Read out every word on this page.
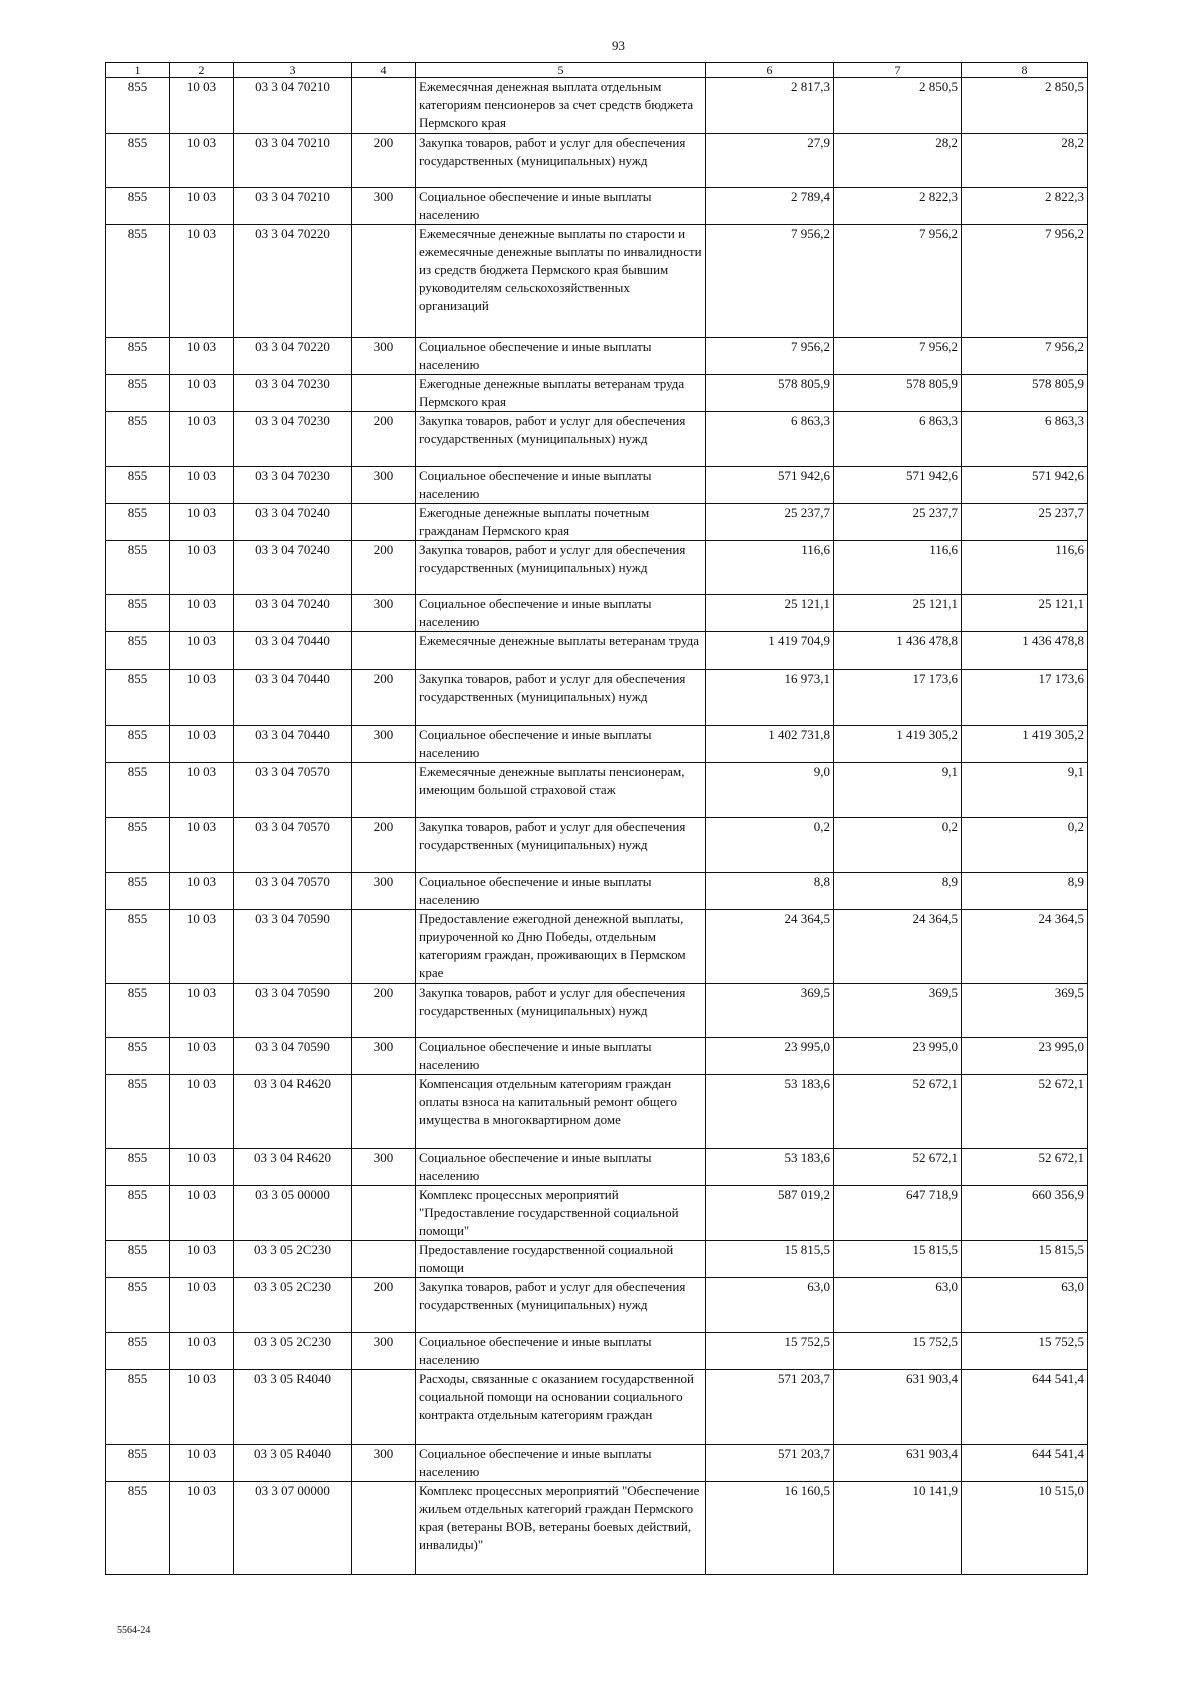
93
1	2	3	4	5	6	7	8
855	10 03	03 3 04 70210		Ежемесячная денежная выплата отдельным категориям пенсионеров за счет средств бюджета Пермского края	2 817,3	2 850,5	2 850,5
855	10 03	03 3 04 70210	200	Закупка товаров, работ и услуг для обеспечения государственных (муниципальных) нужд	27,9	28,2	28,2
855	10 03	03 3 04 70210	300	Социальное обеспечение и иные выплаты населению	2 789,4	2 822,3	2 822,3
855	10 03	03 3 04 70220		Ежемесячные денежные выплаты по старости и ежемесячные денежные выплаты по инвалидности из средств бюджета Пермского края бывшим руководителям сельскохозяйственных организаций	7 956,2	7 956,2	7 956,2
855	10 03	03 3 04 70220	300	Социальное обеспечение и иные выплаты населению	7 956,2	7 956,2	7 956,2
855	10 03	03 3 04 70230		Ежегодные денежные выплаты ветеранам труда Пермского края	578 805,9	578 805,9	578 805,9
855	10 03	03 3 04 70230	200	Закупка товаров, работ и услуг для обеспечения государственных (муниципальных) нужд	6 863,3	6 863,3	6 863,3
855	10 03	03 3 04 70230	300	Социальное обеспечение и иные выплаты населению	571 942,6	571 942,6	571 942,6
855	10 03	03 3 04 70240		Ежегодные денежные выплаты почетным гражданам Пермского края	25 237,7	25 237,7	25 237,7
855	10 03	03 3 04 70240	200	Закупка товаров, работ и услуг для обеспечения государственных (муниципальных) нужд	116,6	116,6	116,6
855	10 03	03 3 04 70240	300	Социальное обеспечение и иные выплаты населению	25 121,1	25 121,1	25 121,1
855	10 03	03 3 04 70440		Ежемесячные денежные выплаты ветеранам труда	1 419 704,9	1 436 478,8	1 436 478,8
855	10 03	03 3 04 70440	200	Закупка товаров, работ и услуг для обеспечения государственных (муниципальных) нужд	16 973,1	17 173,6	17 173,6
855	10 03	03 3 04 70440	300	Социальное обеспечение и иные выплаты населению	1 402 731,8	1 419 305,2	1 419 305,2
855	10 03	03 3 04 70570		Ежемесячные денежные выплаты пенсионерам, имеющим большой страховой стаж	9,0	9,1	9,1
855	10 03	03 3 04 70570	200	Закупка товаров, работ и услуг для обеспечения государственных (муниципальных) нужд	0,2	0,2	0,2
855	10 03	03 3 04 70570	300	Социальное обеспечение и иные выплаты населению	8,8	8,9	8,9
855	10 03	03 3 04 70590		Предоставление ежегодной денежной выплаты, приуроченной ко Дню Победы, отдельным категориям граждан, проживающих в Пермском крае	24 364,5	24 364,5	24 364,5
855	10 03	03 3 04 70590	200	Закупка товаров, работ и услуг для обеспечения государственных (муниципальных) нужд	369,5	369,5	369,5
855	10 03	03 3 04 70590	300	Социальное обеспечение и иные выплаты населению	23 995,0	23 995,0	23 995,0
855	10 03	03 3 04 R4620		Компенсация отдельным категориям граждан оплаты взноса на капитальный ремонт общего имущества в многоквартирном доме	53 183,6	52 672,1	52 672,1
855	10 03	03 3 04 R4620	300	Социальное обеспечение и иные выплаты населению	53 183,6	52 672,1	52 672,1
855	10 03	03 3 05 00000		Комплекс процессных мероприятий "Предоставление государственной социальной помощи"	587 019,2	647 718,9	660 356,9
855	10 03	03 3 05 2С230		Предоставление государственной социальной помощи	15 815,5	15 815,5	15 815,5
855	10 03	03 3 05 2С230	200	Закупка товаров, работ и услуг для обеспечения государственных (муниципальных) нужд	63,0	63,0	63,0
855	10 03	03 3 05 2С230	300	Социальное обеспечение и иные выплаты населению	15 752,5	15 752,5	15 752,5
855	10 03	03 3 05 R4040		Расходы, связанные с оказанием государственной социальной помощи на основании социального контракта отдельным категориям граждан	571 203,7	631 903,4	644 541,4
855	10 03	03 3 05 R4040	300	Социальное обеспечение и иные выплаты населению	571 203,7	631 903,4	644 541,4
855	10 03	03 3 07 00000		Комплекс процессных мероприятий "Обеспечение жильем отдельных категорий граждан Пермского края (ветераны ВОВ, ветераны боевых действий, инвалиды)"	16 160,5	10 141,9	10 515,0
5564-24
